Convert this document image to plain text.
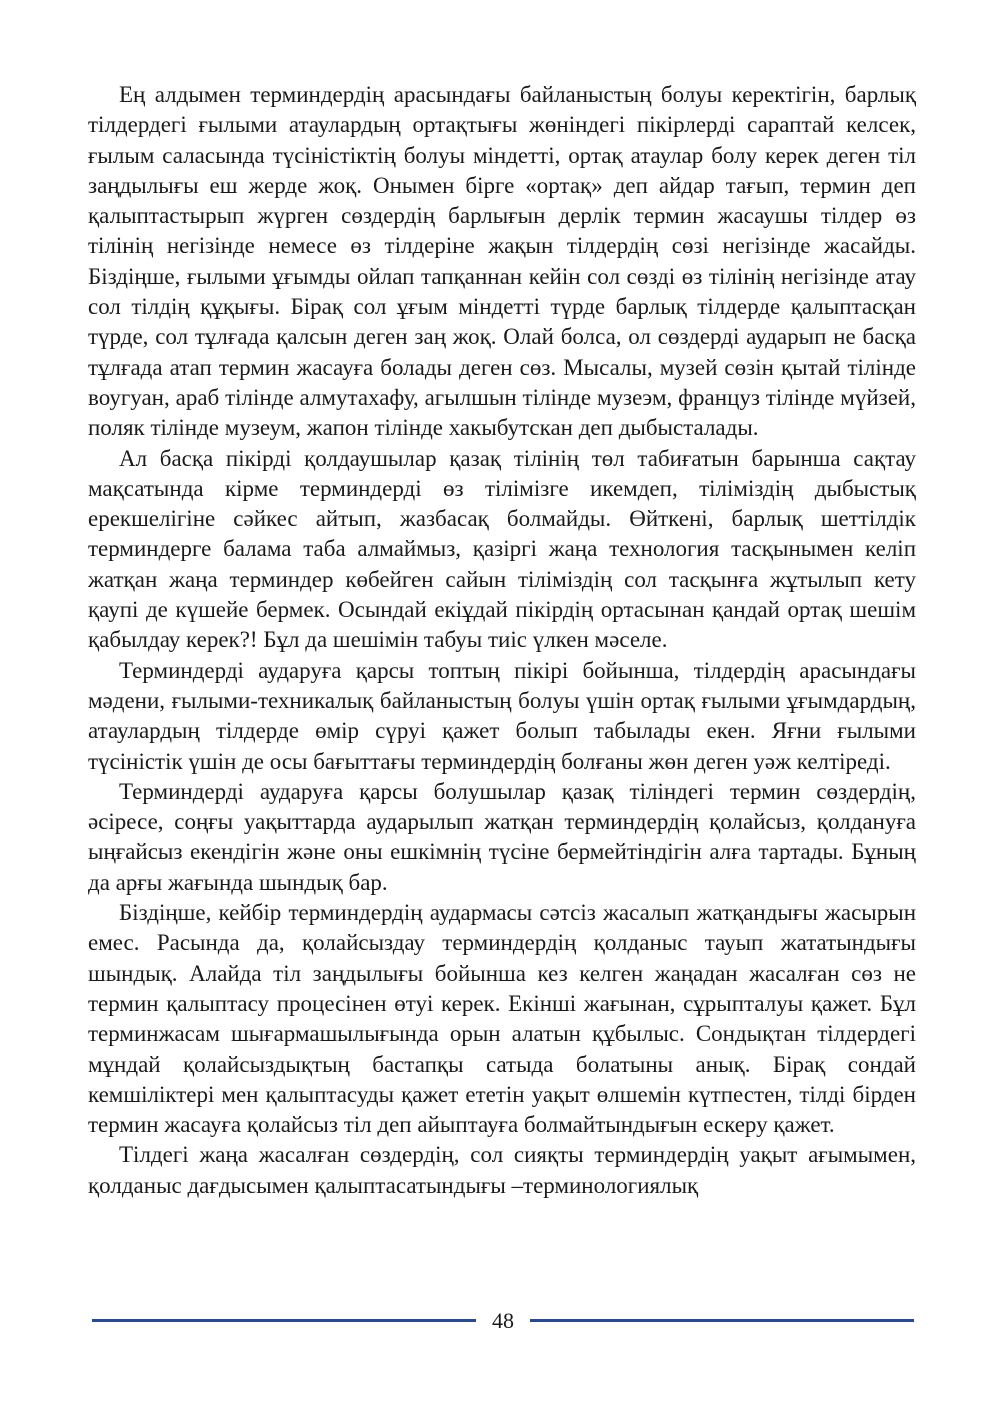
Ең алдымен терминдердің арасындағы байланыстың болуы керектігін, барлық тілдердегі ғылыми атаулардың ортақтығы жөніндегі пікірлерді сараптай келсек, ғылым саласында түсіністіктің болуы міндетті, ортақ атаулар болу керек деген тіл заңдылығы еш жерде жоқ. Онымен бірге «ортақ» деп айдар тағып, термин деп қалыптастырып жүрген сөздердің барлығын дерлік термин жасаушы тілдер өз тілінің негізінде немесе өз тілдеріне жақын тілдердің сөзі негізінде жасайды. Біздіңше, ғылыми ұғымды ойлап тапқаннан кейін сол сөзді өз тілінің негізінде атау сол тілдің құқығы. Бірақ сол ұғым міндетті түрде барлық тілдерде қалыптасқан түрде, сол тұлғада қалсын деген заң жоқ. Олай болса, ол сөздерді аударып не басқа тұлғада атап термин жасауға болады деген сөз. Мысалы, музей сөзін қытай тілінде воугуан, араб тілінде алмутахафу, агылшын тілінде музеэм, француз тілінде мүйзей, поляк тілінде музеум, жапон тілінде хакыбутскан деп дыбысталады.

Ал басқа пікірді қолдаушылар қазақ тілінің төл табиғатын барынша сақтау мақсатында кірме терминдерді өз тілімізге икемдеп, тіліміздің дыбыстық ерекшелігіне сәйкес айтып, жазбасақ болмайды. Өйткені, барлық шеттілдік терминдерге балама таба алмаймыз, қазіргі жаңа технология тасқынымен келіп жатқан жаңа терминдер көбейген сайын тіліміздің сол тасқынға жұтылып кету қаупі де күшейе бермек. Осындай екіұдай пікірдің ортасынан қандай ортақ шешім қабылдау керек?! Бұл да шешімін табуы тиіс үлкен мәселе.

Терминдерді аударуға қарсы топтың пікірі бойынша, тілдердің арасындағы мәдени, ғылыми-техникалық байланыстың болуы үшін ортақ ғылыми ұғымдардың, атаулардың тілдерде өмір сүруі қажет болып табылады екен. Яғни ғылыми түсіністік үшін де осы бағыттағы терминдердің болғаны жөн деген уәж келтіреді.

Терминдерді аударуға қарсы болушылар қазақ тіліндегі термин сөздердің, әсіресе, соңғы уақыттарда аударылып жатқан терминдердің қолайсыз, қолдануға ыңғайсыз екендігін және оны ешкімнің түсіне бермейтіндігін алға тартады. Бұның да арғы жағында шындық бар.

Біздіңше, кейбір терминдердің аудармасы сәтсіз жасалып жатқандығы жасырын емес. Расында да, қолайсыздау терминдердің қолданыс тауып жататындығы шындық. Алайда тіл заңдылығы бойынша кез келген жаңадан жасалған сөз не термин қалыптасу процесінен өтуі керек. Екінші жағынан, сұрыпталуы қажет. Бұл терминжасам шығармашылығында орын алатын құбылыс. Сондықтан тілдердегі мұндай қолайсыздықтың бастапқы сатыда болатыны анық. Бірақ сондай кемшіліктері мен қалыптасуды қажет ететін уақыт өлшемін күтпестен, тілді бірден термин жасауға қолайсыз тіл деп айыптауға болмайтындығын ескеру қажет.

Тілдегі жаңа жасалған сөздердің, сол сияқты терминдердің уақыт ағымымен, қолданыс дағдысымен қалыптасатындығы –терминологиялық

48
